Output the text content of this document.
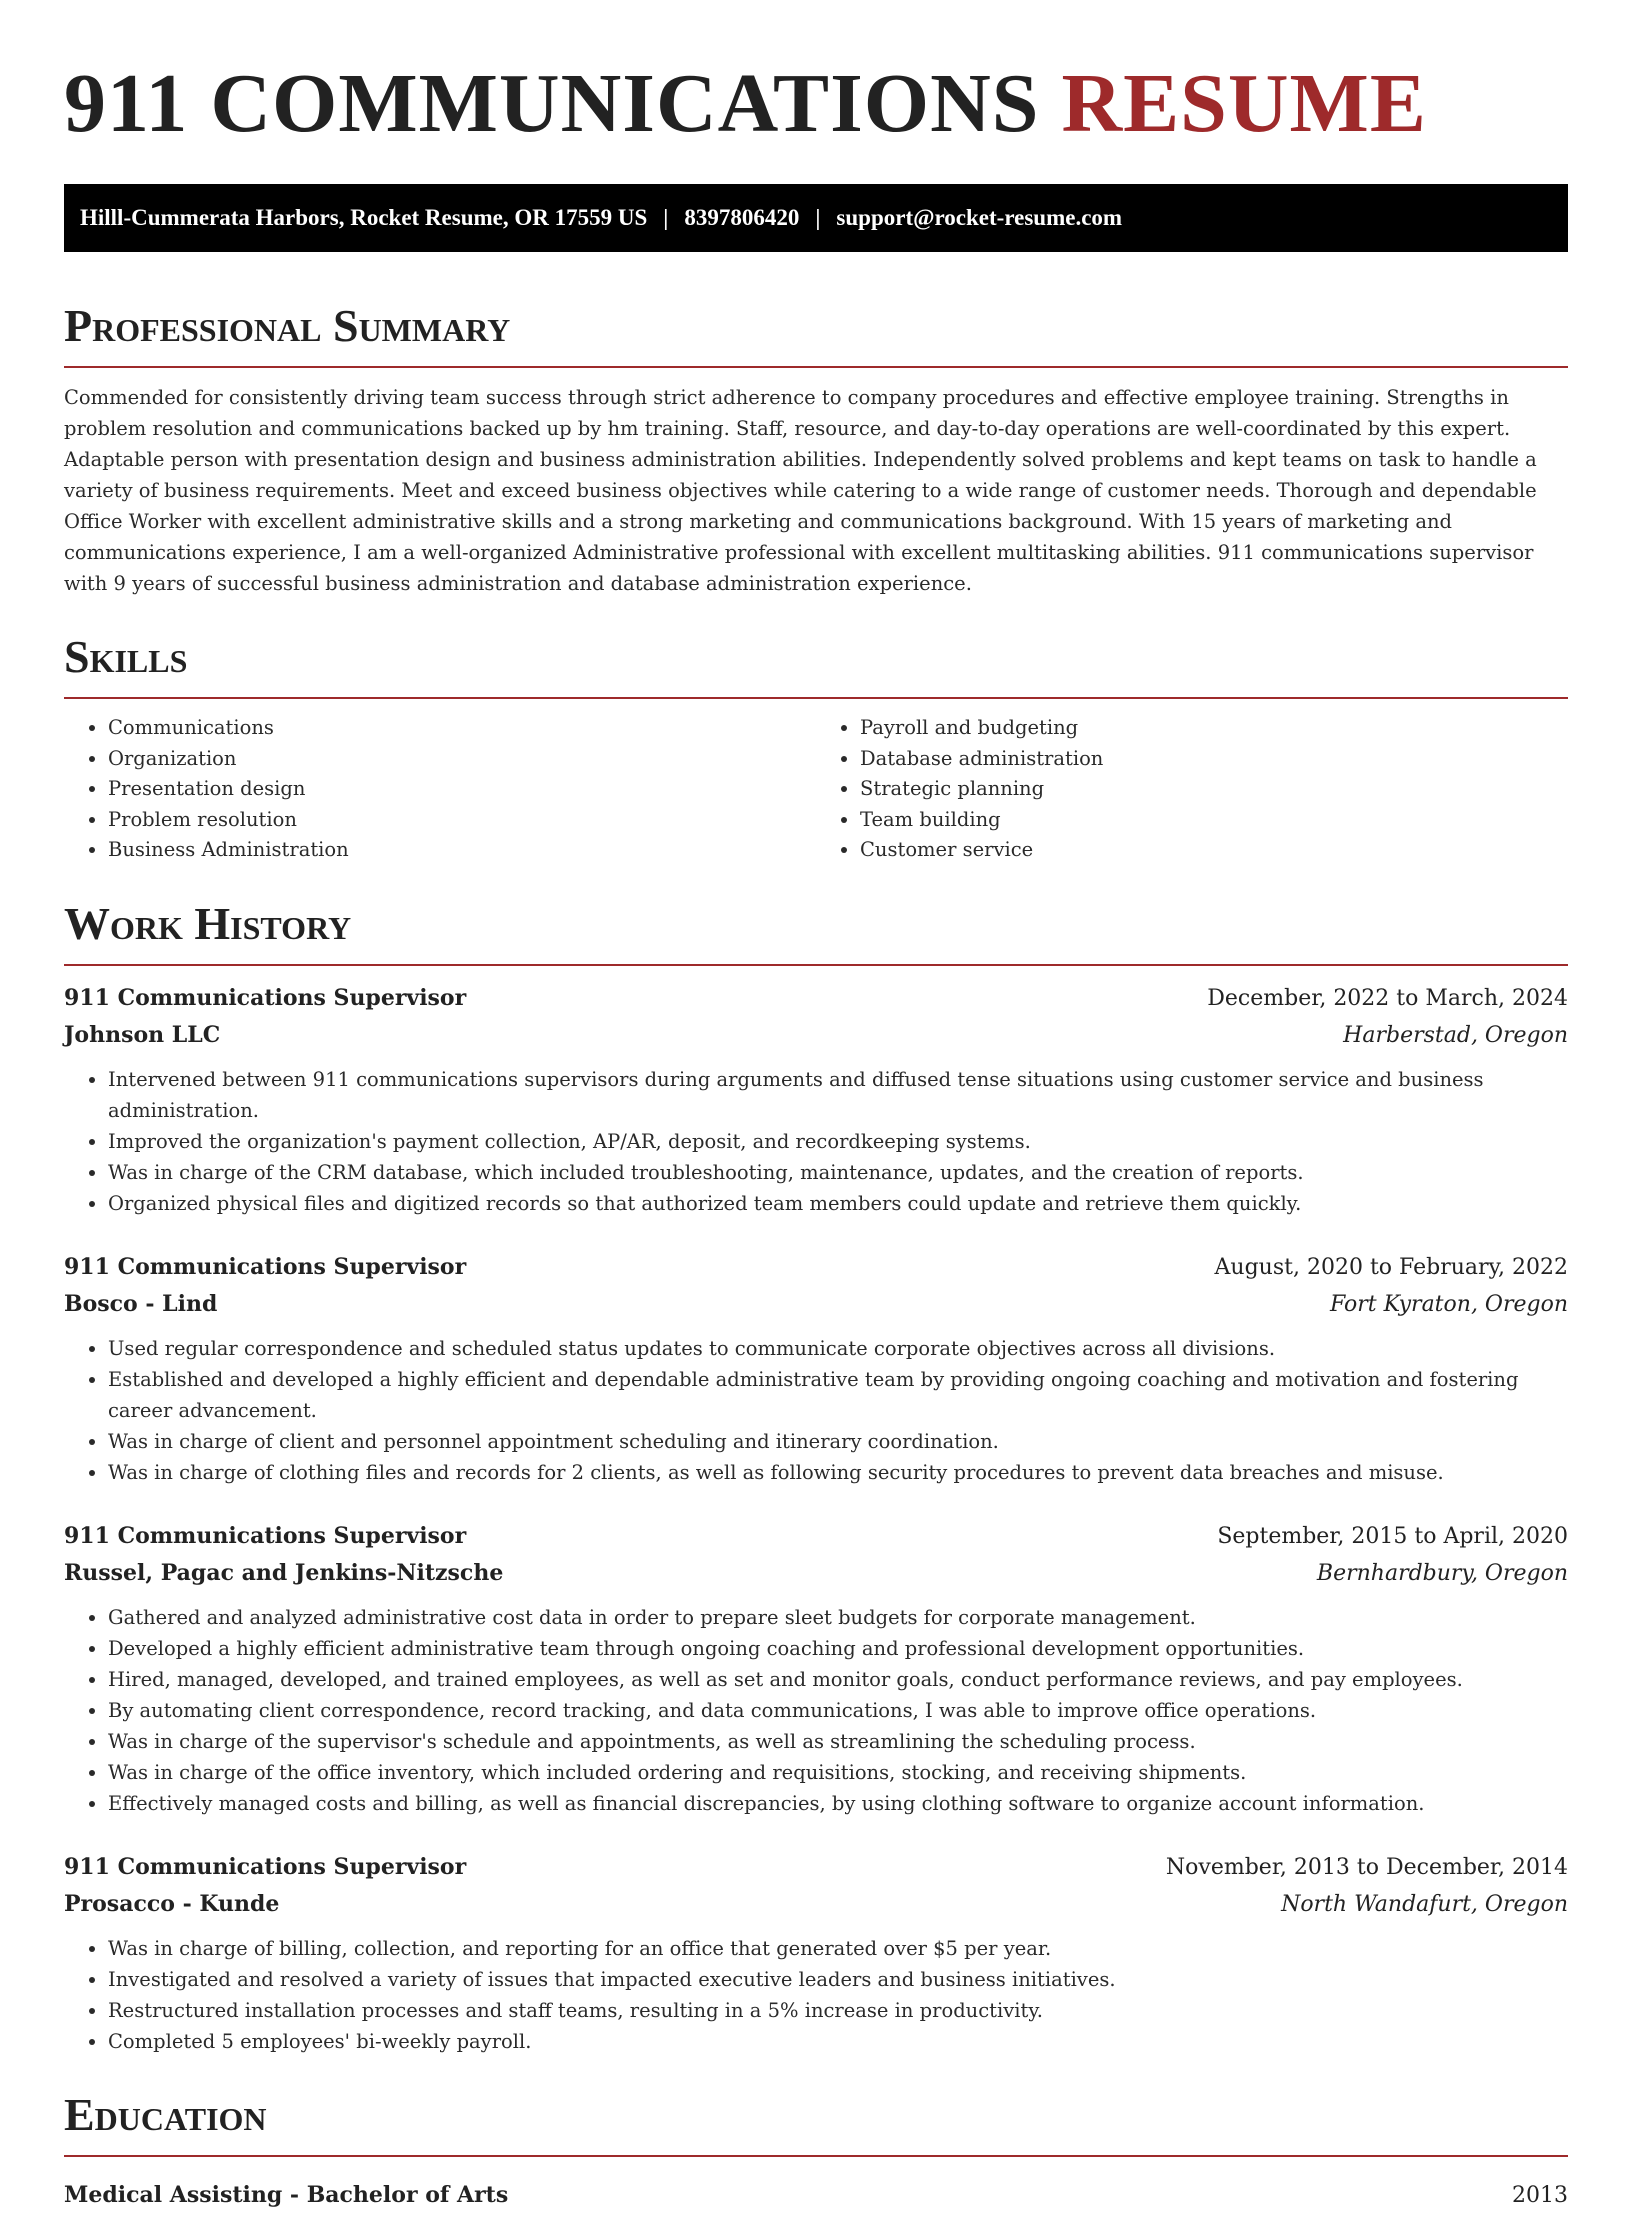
911 COMMUNICATIONS RESUME
Hilll-Cummerata Harbors, Rocket Resume, OR 17559 US | 8397806420 | support@rocket-resume.com
Professional Summary

Commended for consistently driving team success through strict adherence to company procedures and effective employee training. Strengths in problem resolution and communications backed up by hm training. Staff, resource, and day-to-day operations are well-coordinated by this expert. Adaptable person with presentation design and business administration abilities. Independently solved problems and kept teams on task to handle a variety of business requirements. Meet and exceed business objectives while catering to a wide range of customer needs. Thorough and dependable Office Worker with excellent administrative skills and a strong marketing and communications background. With 15 years of marketing and communications experience, I am a well-organized Administrative professional with excellent multitasking abilities. 911 communications supervisor with 9 years of successful business administration and database administration experience.

Skills
• Communications
• Organization
• Presentation design
• Problem resolution
• Business Administration
• Payroll and budgeting
• Database administration
• Strategic planning
• Team building
• Customer service
Work History
911 Communications Supervisor	December, 2022 to March, 2024
Johnson LLC	Harberstad, Oregon
• Intervened between 911 communications supervisors during arguments and diffused tense situations using customer service and business administration.
• Improved the organization's payment collection, AP/AR, deposit, and recordkeeping systems.
• Was in charge of the CRM database, which included troubleshooting, maintenance, updates, and the creation of reports.
• Organized physical files and digitized records so that authorized team members could update and retrieve them quickly.
911 Communications Supervisor	August, 2020 to February, 2022
Bosco - Lind	Fort Kyraton, Oregon
• Used regular correspondence and scheduled status updates to communicate corporate objectives across all divisions.
• Established and developed a highly efficient and dependable administrative team by providing ongoing coaching and motivation and fostering career advancement.
• Was in charge of client and personnel appointment scheduling and itinerary coordination.
• Was in charge of clothing files and records for 2 clients, as well as following security procedures to prevent data breaches and misuse.
911 Communications Supervisor	September, 2015 to April, 2020
Russel, Pagac and Jenkins-Nitzsche	Bernhardbury, Oregon
• Gathered and analyzed administrative cost data in order to prepare sleet budgets for corporate management.
• Developed a highly efficient administrative team through ongoing coaching and professional development opportunities.
• Hired, managed, developed, and trained employees, as well as set and monitor goals, conduct performance reviews, and pay employees.
• By automating client correspondence, record tracking, and data communications, I was able to improve office operations.
• Was in charge of the supervisor's schedule and appointments, as well as streamlining the scheduling process.
• Was in charge of the office inventory, which included ordering and requisitions, stocking, and receiving shipments.
• Effectively managed costs and billing, as well as financial discrepancies, by using clothing software to organize account information.
911 Communications Supervisor	November, 2013 to December, 2014
Prosacco - Kunde	North Wandafurt, Oregon
• Was in charge of billing, collection, and reporting for an office that generated over $5 per year.
• Investigated and resolved a variety of issues that impacted executive leaders and business initiatives.
• Restructured installation processes and staff teams, resulting in a 5% increase in productivity.
• Completed 5 employees' bi-weekly payroll.
Education
Medical Assisting - Bachelor of Arts	2013
